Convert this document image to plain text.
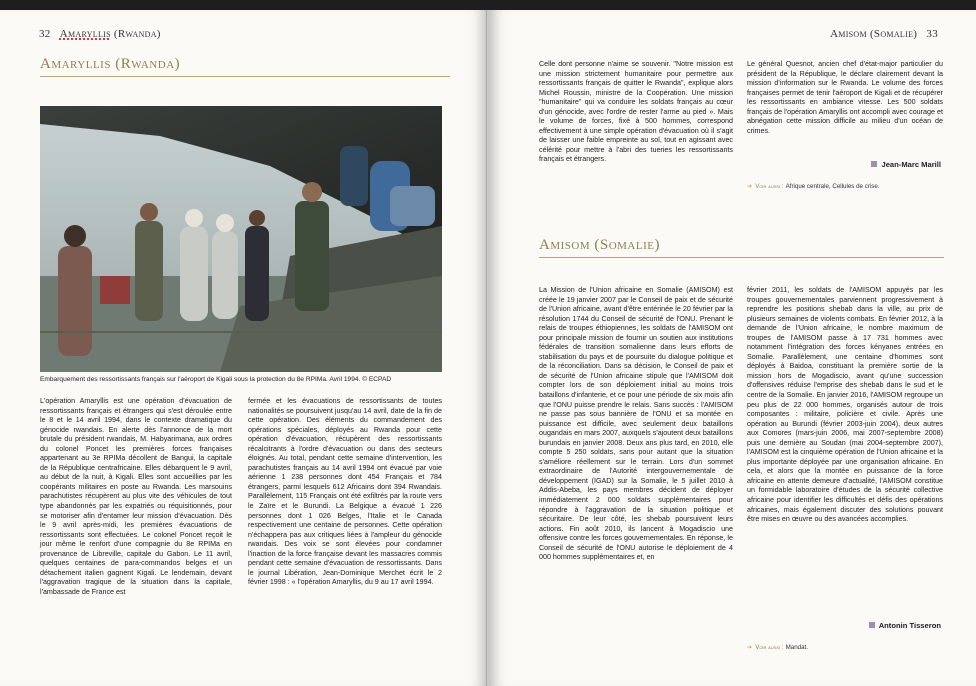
32 Amaryllis (Rwanda)
Amaryllis (Rwanda)
Embarquement des ressortissants français sur l'aéroport de Kigali sous la protection du 8e RPIMa. Avril 1994. © ECPAD

L'opération Amaryllis est une opération d'évacuation de ressortissants français et étrangers qui s'est déroulée entre le 8 et le 14 avril 1994, dans le contexte dramatique du génocide rwandais. En alerte dès l'annonce de la mort brutale du président rwandais, M. Habyarimana, aux ordres du colonel Poncet les premières forces françaises appartenant au 3e RPIMa décollent de Bangui, la capitale de la République centrafricaine. Elles débarquent le 9 avril, au début de la nuit, à Kigali. Elles sont accueillies par les coopérants militaires en poste au Rwanda. Les marsouins parachutistes récupèrent au plus vite des véhicules de tout type abandonnés par les expatriés ou réquisitionnés, pour se motoriser afin d'entamer leur mission d'évacuation. Dès le 9 avril après-midi, les premières évacuations de ressortissants sont effectuées. Le colonel Poncet reçoit le jour même le renfort d'une compagnie du 8e RPIMa en provenance de Libreville, capitale du Gabon. Le 11 avril, quelques centaines de para-commandos belges et un détachement italien gagnent Kigali. Le lendemain, devant l'aggravation tragique de la situation dans la capitale, l'ambassade de France est

fermée et les évacuations de ressortissants de toutes nationalités se poursuivent jusqu'au 14 avril, date de la fin de cette opération. Des éléments du commandement des opérations spéciales, déployés au Rwanda pour cette opération d'évacuation, récupèrent des ressortissants récalcitrants à l'ordre d'évacuation ou dans des secteurs éloignés. Au total, pendant cette semaine d'intervention, les parachutistes français au 14 avril 1994 ont évacué par voie aérienne 1 238 personnes dont 454 Français et 784 étrangers, parmi lesquels 612 Africains dont 394 Rwandais. Parallèlement, 115 Français ont été exfiltrés par la route vers le Zaïre et le Burundi. La Belgique a évacué 1 226 personnes dont 1 026 Belges, l'Italie et le Canada respectivement une centaine de personnes. Cette opération n'échappera pas aux critiques liées à l'ampleur du génocide rwandais. Des voix se sont élevées pour condamner l'inaction de la force française devant les massacres commis pendant cette semaine d'évacuation de ressortissants. Dans le journal Libération, Jean-Dominique Merchet écrit le 2 février 1998 : « l'opération Amaryllis, du 9 au 17 avril 1994.

Amisom (Somalie) 33

Celle dont personne n'aime se souvenir. "Notre mission est une mission strictement humanitaire pour permettre aux ressortissants français de quitter le Rwanda", explique alors Michel Roussin, ministre de la Coopération. Une mission "humanitaire" qui va conduire les soldats français au cœur d'un génocide, avec l'ordre de rester l'arme au pied ». Mais le volume de forces, fixé à 500 hommes, correspond effectivement à une simple opération d'évacuation où il s'agit de laisser une faible empreinte au sol, tout en agissant avec célérité pour mettre à l'abri des tueries les ressortissants français et étrangers.

Le général Quesnot, ancien chef d'état-major particulier du président de la République, le déclare clairement devant la mission d'information sur le Rwanda. Le volume des forces françaises permet de tenir l'aéroport de Kigali et de récupérer les ressortissants en ambiance vitesse. Les 500 soldats français de l'opération Amaryllis ont accompli avec courage et abnégation cette mission difficile au milieu d'un océan de crimes.

Jean-Marc Marill
➜ Voir aussi : Afrique centrale, Cellules de crise.
Amisom (Somalie)

La Mission de l'Union africaine en Somalie (AMISOM) est créée le 19 janvier 2007 par le Conseil de paix et de sécurité de l'Union africaine, avant d'être entérinée le 20 février par la résolution 1744 du Conseil de sécurité de l'ONU. Prenant le relais de troupes éthiopiennes, les soldats de l'AMISOM ont pour principale mission de fournir un soutien aux institutions fédérales de transition somalienne dans leurs efforts de stabilisation du pays et de poursuite du dialogue politique et de la réconciliation. Dans sa décision, le Conseil de paix et de sécurité de l'Union africaine stipule que l'AMISOM doit compter lors de son déploiement initial au moins trois bataillons d'infanterie, et ce pour une période de six mois afin que l'ONU puisse prendre le relais. Sans succès : l'AMISOM ne passe pas sous bannière de l'ONU et sa montée en puissance est difficile, avec seulement deux bataillons ougandais en mars 2007, auxquels s'ajoutent deux bataillons burundais en janvier 2008. Deux ans plus tard, en 2010, elle compte 5 250 soldats, sans pour autant que la situation s'améliore réellement sur le terrain. Lors d'un sommet extraordinaire de l'Autorité intergouvernementale de développement (IGAD) sur la Somalie, le 5 juillet 2010 à Addis-Abeba, les pays membres décident de déployer immédiatement 2 000 soldats supplémentaires pour répondre à l'aggravation de la situation politique et sécuritaire. De leur côté, les shebab poursuivent leurs actions. Fin août 2010, ils lancent à Mogadiscio une offensive contre les forces gouvernementales. En réponse, le Conseil de sécurité de l'ONU autorise le déploiement de 4 000 hommes supplémentaires et, en

février 2011, les soldats de l'AMISOM appuyés par les troupes gouvernementales parviennent progressivement à reprendre les positions shebab dans la ville, au prix de plusieurs semaines de violents combats. En février 2012, à la demande de l'Union africaine, le nombre maximum de troupes de l'AMISOM passe à 17 731 hommes avec notamment l'intégration des forces kényanes entrées en Somalie. Parallèlement, une centaine d'hommes sont déployés à Baidoa, constituant la première sortie de la mission hors de Mogadiscio, avant qu'une succession d'offensives réduise l'emprise des shebab dans le sud et le centre de la Somalie. En janvier 2016, l'AMISOM regroupe un peu plus de 22 000 hommes, organisés autour de trois composantes : militaire, policière et civile. Après une opération au Burundi (février 2003-juin 2004), deux autres aux Comores (mars-juin 2006, mai 2007-septembre 2008) puis une dernière au Soudan (mai 2004-septembre 2007), l'AMISOM est la cinquième opération de l'Union africaine et la plus importante déployée par une organisation africaine. En cela, et alors que la montée en puissance de la force africaine en attente demeure d'actualité, l'AMISOM constitue un formidable laboratoire d'études de la sécurité collective africaine pour identifier les difficultés et défis des opérations africaines, mais également discuter des solutions pouvant être mises en œuvre ou des avancées accomplies.

Antonin Tisseron
➜ Voir aussi : Mandat.
